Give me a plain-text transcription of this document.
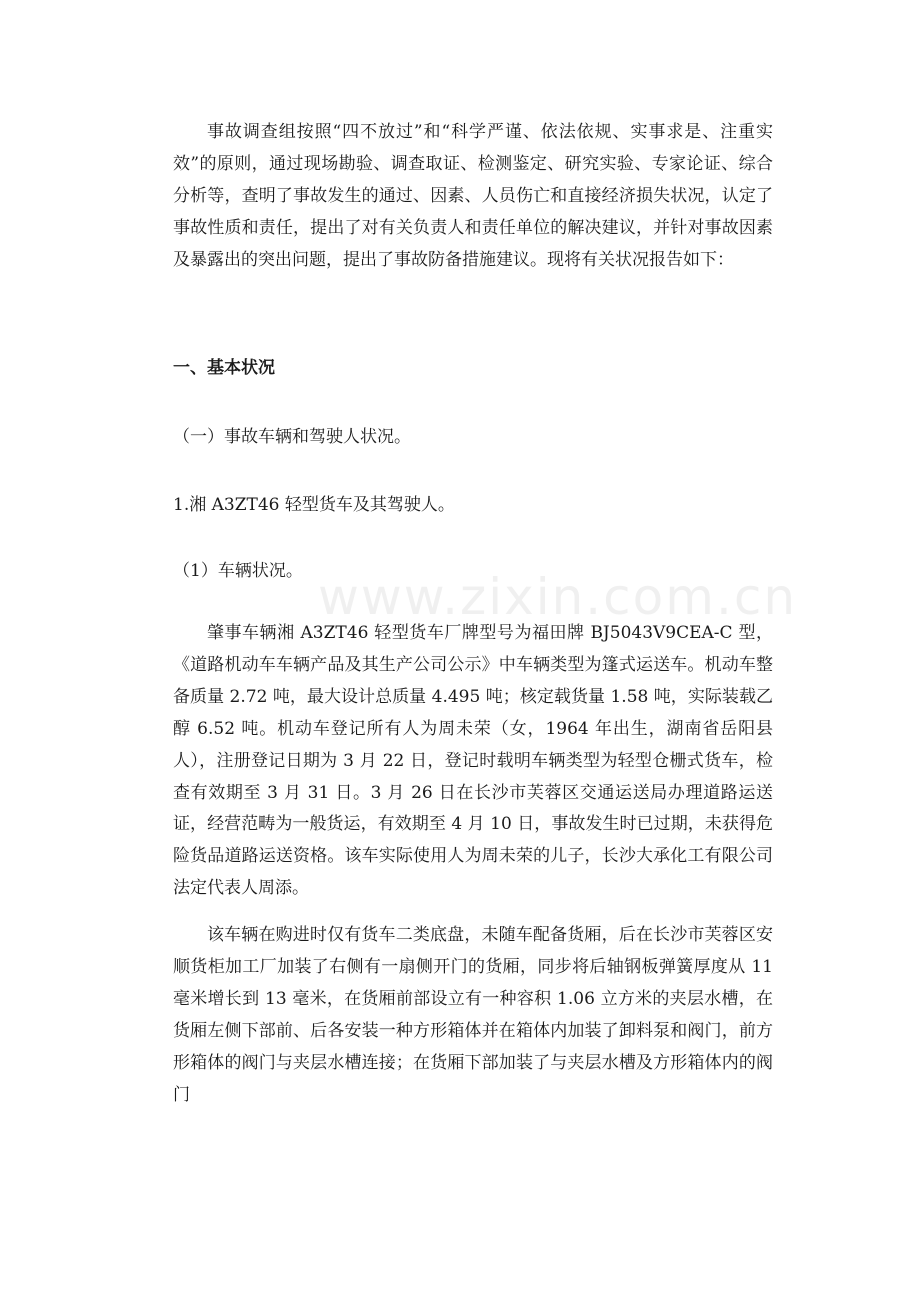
www.zixin.com.cn

事故调查组按照“四不放过”和“科学严谨、依法依规、实事求是、注重实效”的原则，通过现场勘验、调查取证、检测鉴定、研究实验、专家论证、综合分析等，查明了事故发生的通过、因素、人员伤亡和直接经济损失状况，认定了事故性质和责任，提出了对有关负责人和责任单位的解决建议，并针对事故因素及暴露出的突出问题，提出了事故防备措施建议。现将有关状况报告如下：

一、基本状况

（一）事故车辆和驾驶人状况。

1.湘 A3ZT46 轻型货车及其驾驶人。

（1）车辆状况。

肇事车辆湘 A3ZT46 轻型货车厂牌型号为福田牌 BJ5043V9CEA-C 型，《道路机动车车辆产品及其生产公司公示》中车辆类型为篷式运送车。机动车整备质量 2.72 吨，最大设计总质量 4.495 吨；核定载货量 1.58 吨，实际装载乙醇 6.52 吨。机动车登记所有人为周未荣（女，1964 年出生，湖南省岳阳县人），注册登记日期为 3 月 22 日，登记时载明车辆类型为轻型仓栅式货车，检查有效期至 3 月 31 日。3 月 26 日在长沙市芙蓉区交通运送局办理道路运送证，经营范畴为一般货运，有效期至 4 月 10 日，事故发生时已过期，未获得危险货品道路运送资格。该车实际使用人为周未荣的儿子，长沙大承化工有限公司法定代表人周添。

该车辆在购进时仅有货车二类底盘，未随车配备货厢，后在长沙市芙蓉区安顺货柜加工厂加装了右侧有一扇侧开门的货厢，同步将后轴钢板弹簧厚度从 11 毫米增长到 13 毫米，在货厢前部设立有一种容积 1.06 立方米的夹层水槽，在货厢左侧下部前、后各安装一种方形箱体并在箱体内加装了卸料泵和阀门，前方形箱体的阀门与夹层水槽连接；在货厢下部加装了与夹层水槽及方形箱体内的阀门
